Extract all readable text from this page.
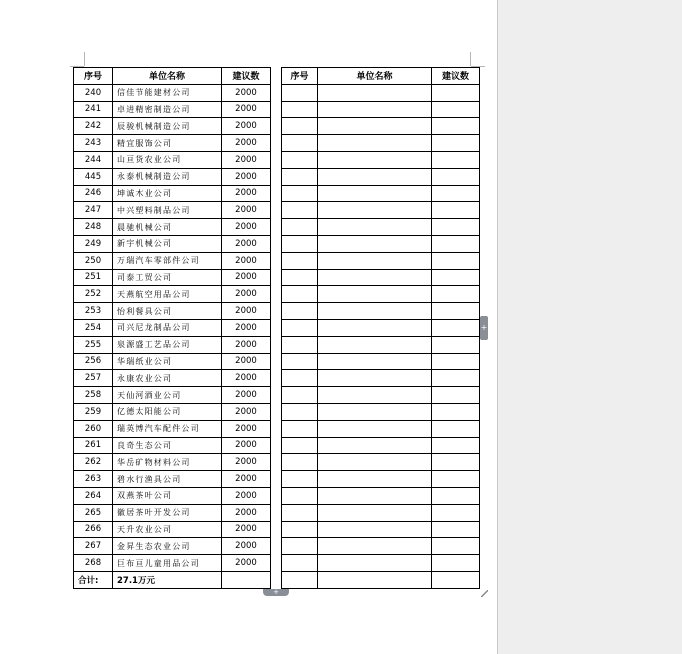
序号	单位名称	建议数
240	信佳节能建材公司	2000
241	卓进精密制造公司	2000
242	辰骏机械制造公司	2000
243	精宜服饰公司	2000
244	山亘货农业公司	2000
445	永泰机械制造公司	2000
246	坤诚木业公司	2000
247	中兴塑料制品公司	2000
248	晨驰机械公司	2000
249	新宇机械公司	2000
250	万瑞汽车零部件公司	2000
251	司泰工贸公司	2000
252	天燕航空用品公司	2000
253	怡利餐具公司	2000
254	司兴尼龙制品公司	2000
255	泉源盛工艺品公司	2000
256	华瑞纸业公司	2000
257	永康农业公司	2000
258	天仙河酒业公司	2000
259	亿德太阳能公司	2000
260	瑞英博汽车配件公司	2000
261	良奇生态公司	2000
262	华岳矿物材料公司	2000
263	碧水行渔具公司	2000
264	双燕茶叶公司	2000
265	徽居茶叶开发公司	2000
266	天升农业公司	2000
267	金昇生态农业公司	2000
268	巨布亘儿童用品公司	2000
合计:	27.1万元	
序号	单位名称	建议数

+
+
